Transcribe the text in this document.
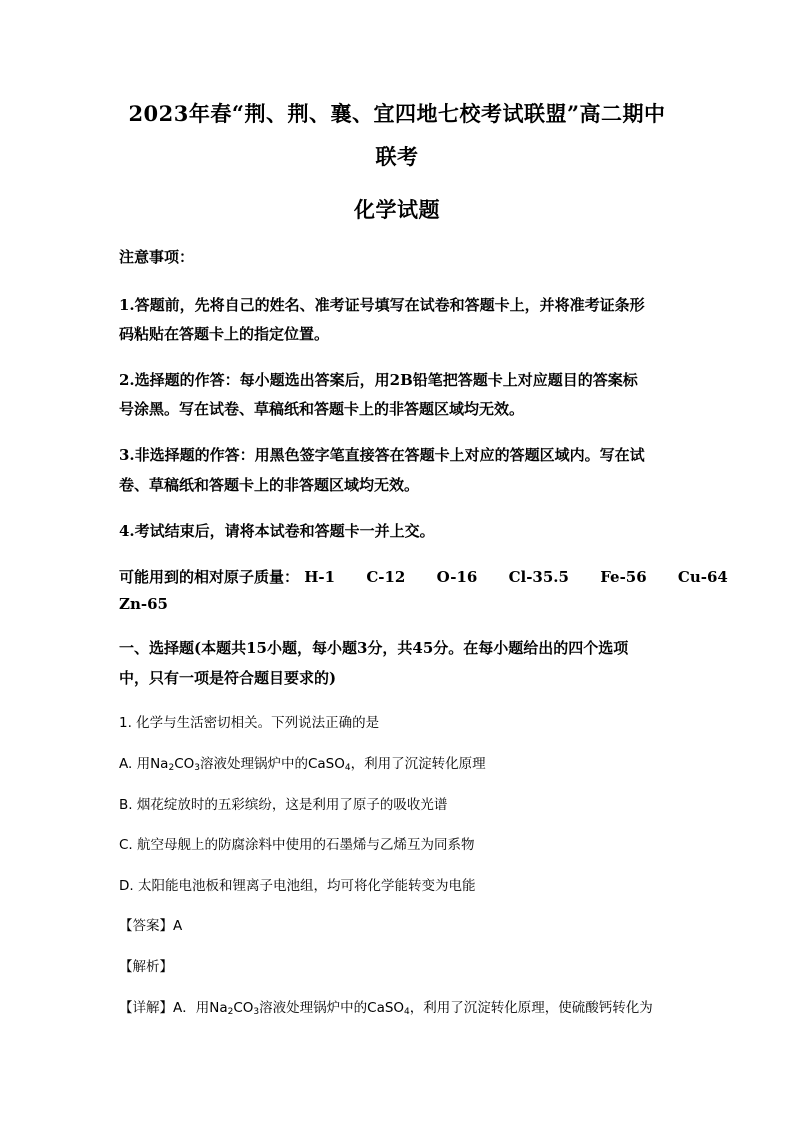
2023年春“荆、荆、襄、宜四地七校考试联盟”高二期中
联考
化学试题
注意事项：
1.答题前，先将自己的姓名、准考证号填写在试卷和答题卡上，并将准考证条形
码粘贴在答题卡上的指定位置。
2.选择题的作答：每小题选出答案后，用2B铅笔把答题卡上对应题目的答案标
号涂黑。写在试卷、草稿纸和答题卡上的非答题区域均无效。
3.非选择题的作答：用黑色签字笔直接答在答题卡上对应的答题区域内。写在试
卷、草稿纸和答题卡上的非答题区域均无效。
4.考试结束后，请将本试卷和答题卡一并上交。
可能用到的相对原子质量： H-1 C-12 O-16 Cl-35.5 Fe-56 Cu-64
Zn-65
一、选择题(本题共15小题，每小题3分，共45分。在每小题给出的四个选项
中，只有一项是符合题目要求的)
1. 化学与生活密切相关。下列说法正确的是
A. 用$Na_2CO_3$溶液处理锅炉中的CaSO$_4$，利用了沉淀转化原理
B. 烟花绽放时的五彩缤纷，这是利用了原子的吸收光谱
C. 航空母舰上的防腐涂料中使用的石墨烯与乙烯互为同系物
D. 太阳能电池板和锂离子电池组，均可将化学能转变为电能
【答案】A
【解析】
【详解】A．用$Na_2CO_3$溶液处理锅炉中的CaSO$_4$，利用了沉淀转化原理，使硫酸钙转化为
